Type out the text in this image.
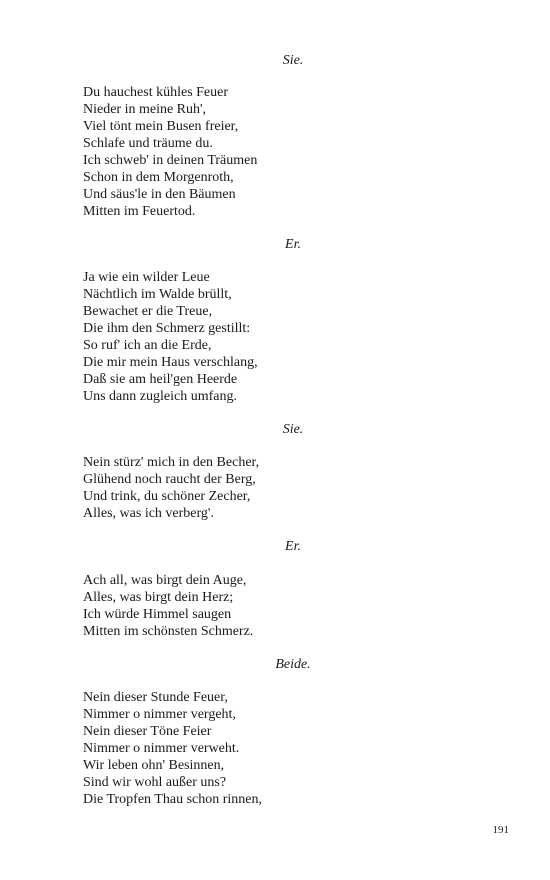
Sie.

Du hauchest kühles Feuer
Nieder in meine Ruh',
Viel tönt mein Busen freier,
Schlafe und träume du.
Ich schweb' in deinen Träumen
Schon in dem Morgenroth,
Und säus'le in den Bäumen
Mitten im Feuertod.

Er.

Ja wie ein wilder Leue
Nächtlich im Walde brüllt,
Bewachet er die Treue,
Die ihm den Schmerz gestillt:
So ruf' ich an die Erde,
Die mir mein Haus verschlang,
Daß sie am heil'gen Heerde
Uns dann zugleich umfang.

Sie.

Nein stürz' mich in den Becher,
Glühend noch raucht der Berg,
Und trink, du schöner Zecher,
Alles, was ich verberg'.

Er.

Ach all, was birgt dein Auge,
Alles, was birgt dein Herz;
Ich würde Himmel saugen
Mitten im schönsten Schmerz.

Beide.

Nein dieser Stunde Feuer,
Nimmer o nimmer vergeht,
Nein dieser Töne Feier
Nimmer o nimmer verweht.
Wir leben ohn' Besinnen,
Sind wir wohl außer uns?
Die Tropfen Thau schon rinnen,

191
